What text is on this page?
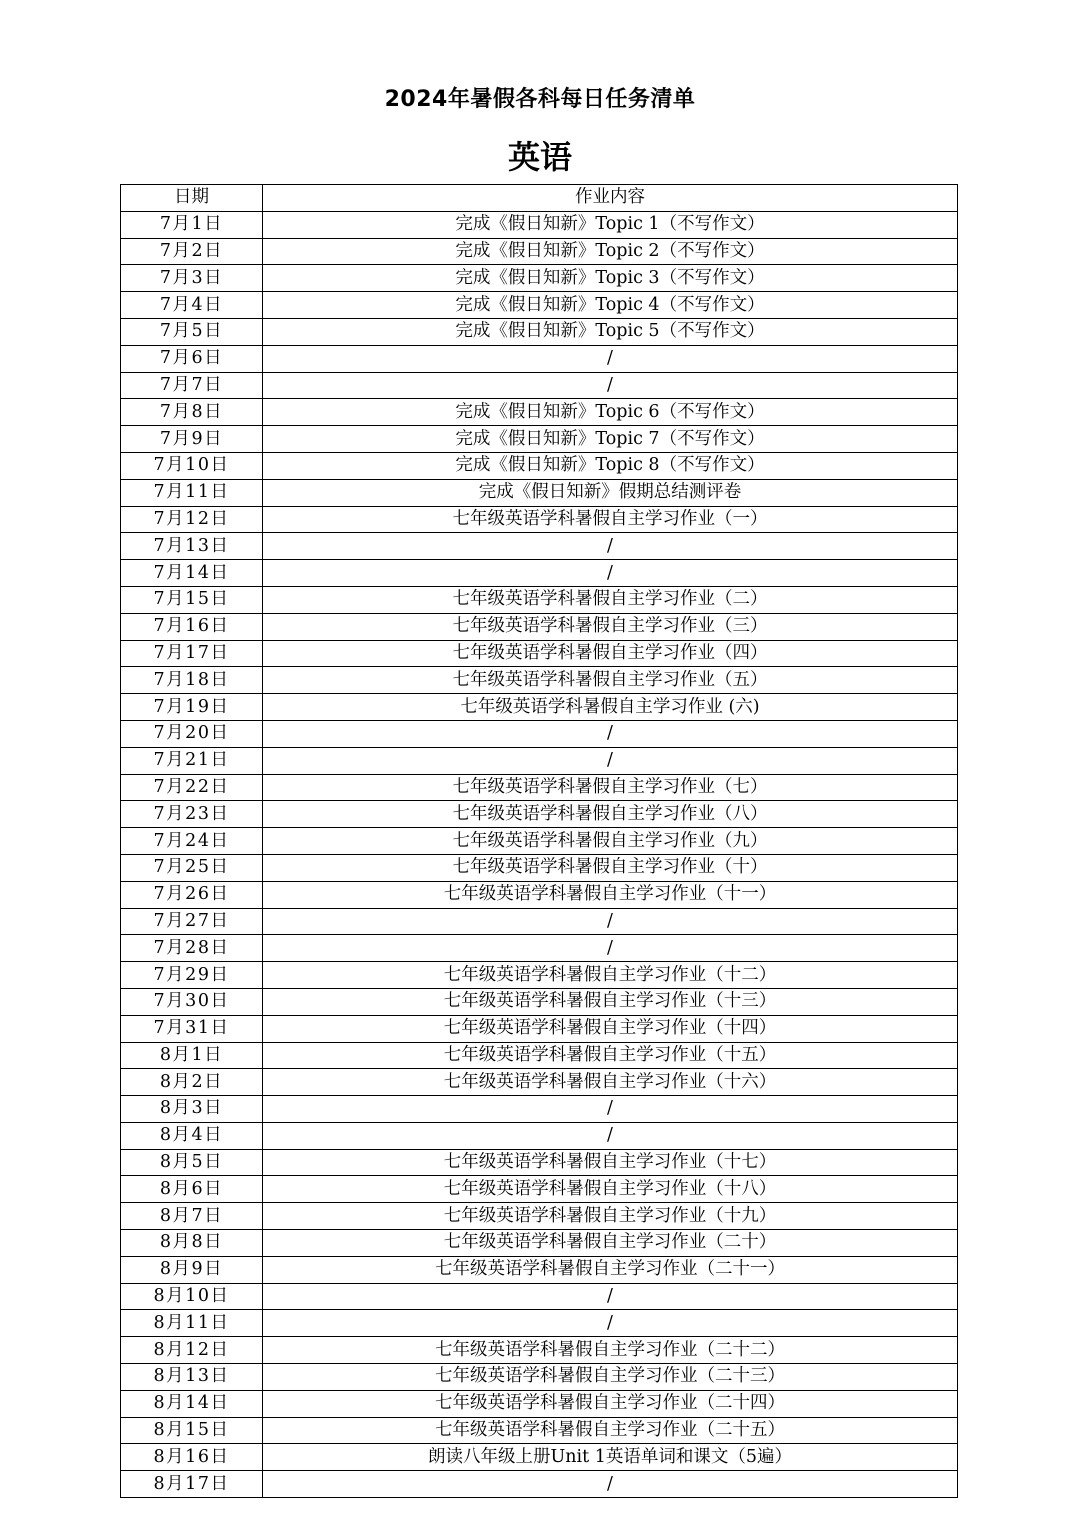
2024年暑假各科每日任务清单
英语
日期	作业内容
7月1日	完成《假日知新》Topic 1（不写作文）
7月2日	完成《假日知新》Topic 2（不写作文）
7月3日	完成《假日知新》Topic 3（不写作文）
7月4日	完成《假日知新》Topic 4（不写作文）
7月5日	完成《假日知新》Topic 5（不写作文）
7月6日	/
7月7日	/
7月8日	完成《假日知新》Topic 6（不写作文）
7月9日	完成《假日知新》Topic 7（不写作文）
7月10日	完成《假日知新》Topic 8（不写作文）
7月11日	完成《假日知新》假期总结测评卷
7月12日	七年级英语学科暑假自主学习作业（一）
7月13日	/
7月14日	/
7月15日	七年级英语学科暑假自主学习作业（二）
7月16日	七年级英语学科暑假自主学习作业（三）
7月17日	七年级英语学科暑假自主学习作业（四）
7月18日	七年级英语学科暑假自主学习作业（五）
7月19日	七年级英语学科暑假自主学习作业 (六)
7月20日	/
7月21日	/
7月22日	七年级英语学科暑假自主学习作业（七）
7月23日	七年级英语学科暑假自主学习作业（八）
7月24日	七年级英语学科暑假自主学习作业（九）
7月25日	七年级英语学科暑假自主学习作业（十）
7月26日	七年级英语学科暑假自主学习作业（十一）
7月27日	/
7月28日	/
7月29日	七年级英语学科暑假自主学习作业（十二）
7月30日	七年级英语学科暑假自主学习作业（十三）
7月31日	七年级英语学科暑假自主学习作业（十四）
8月1日	七年级英语学科暑假自主学习作业（十五）
8月2日	七年级英语学科暑假自主学习作业（十六）
8月3日	/
8月4日	/
8月5日	七年级英语学科暑假自主学习作业（十七）
8月6日	七年级英语学科暑假自主学习作业（十八）
8月7日	七年级英语学科暑假自主学习作业（十九）
8月8日	七年级英语学科暑假自主学习作业（二十）
8月9日	七年级英语学科暑假自主学习作业（二十一）
8月10日	/
8月11日	/
8月12日	七年级英语学科暑假自主学习作业（二十二）
8月13日	七年级英语学科暑假自主学习作业（二十三）
8月14日	七年级英语学科暑假自主学习作业（二十四）
8月15日	七年级英语学科暑假自主学习作业（二十五）
8月16日	朗读八年级上册Unit 1英语单词和课文（5遍）
8月17日	/
